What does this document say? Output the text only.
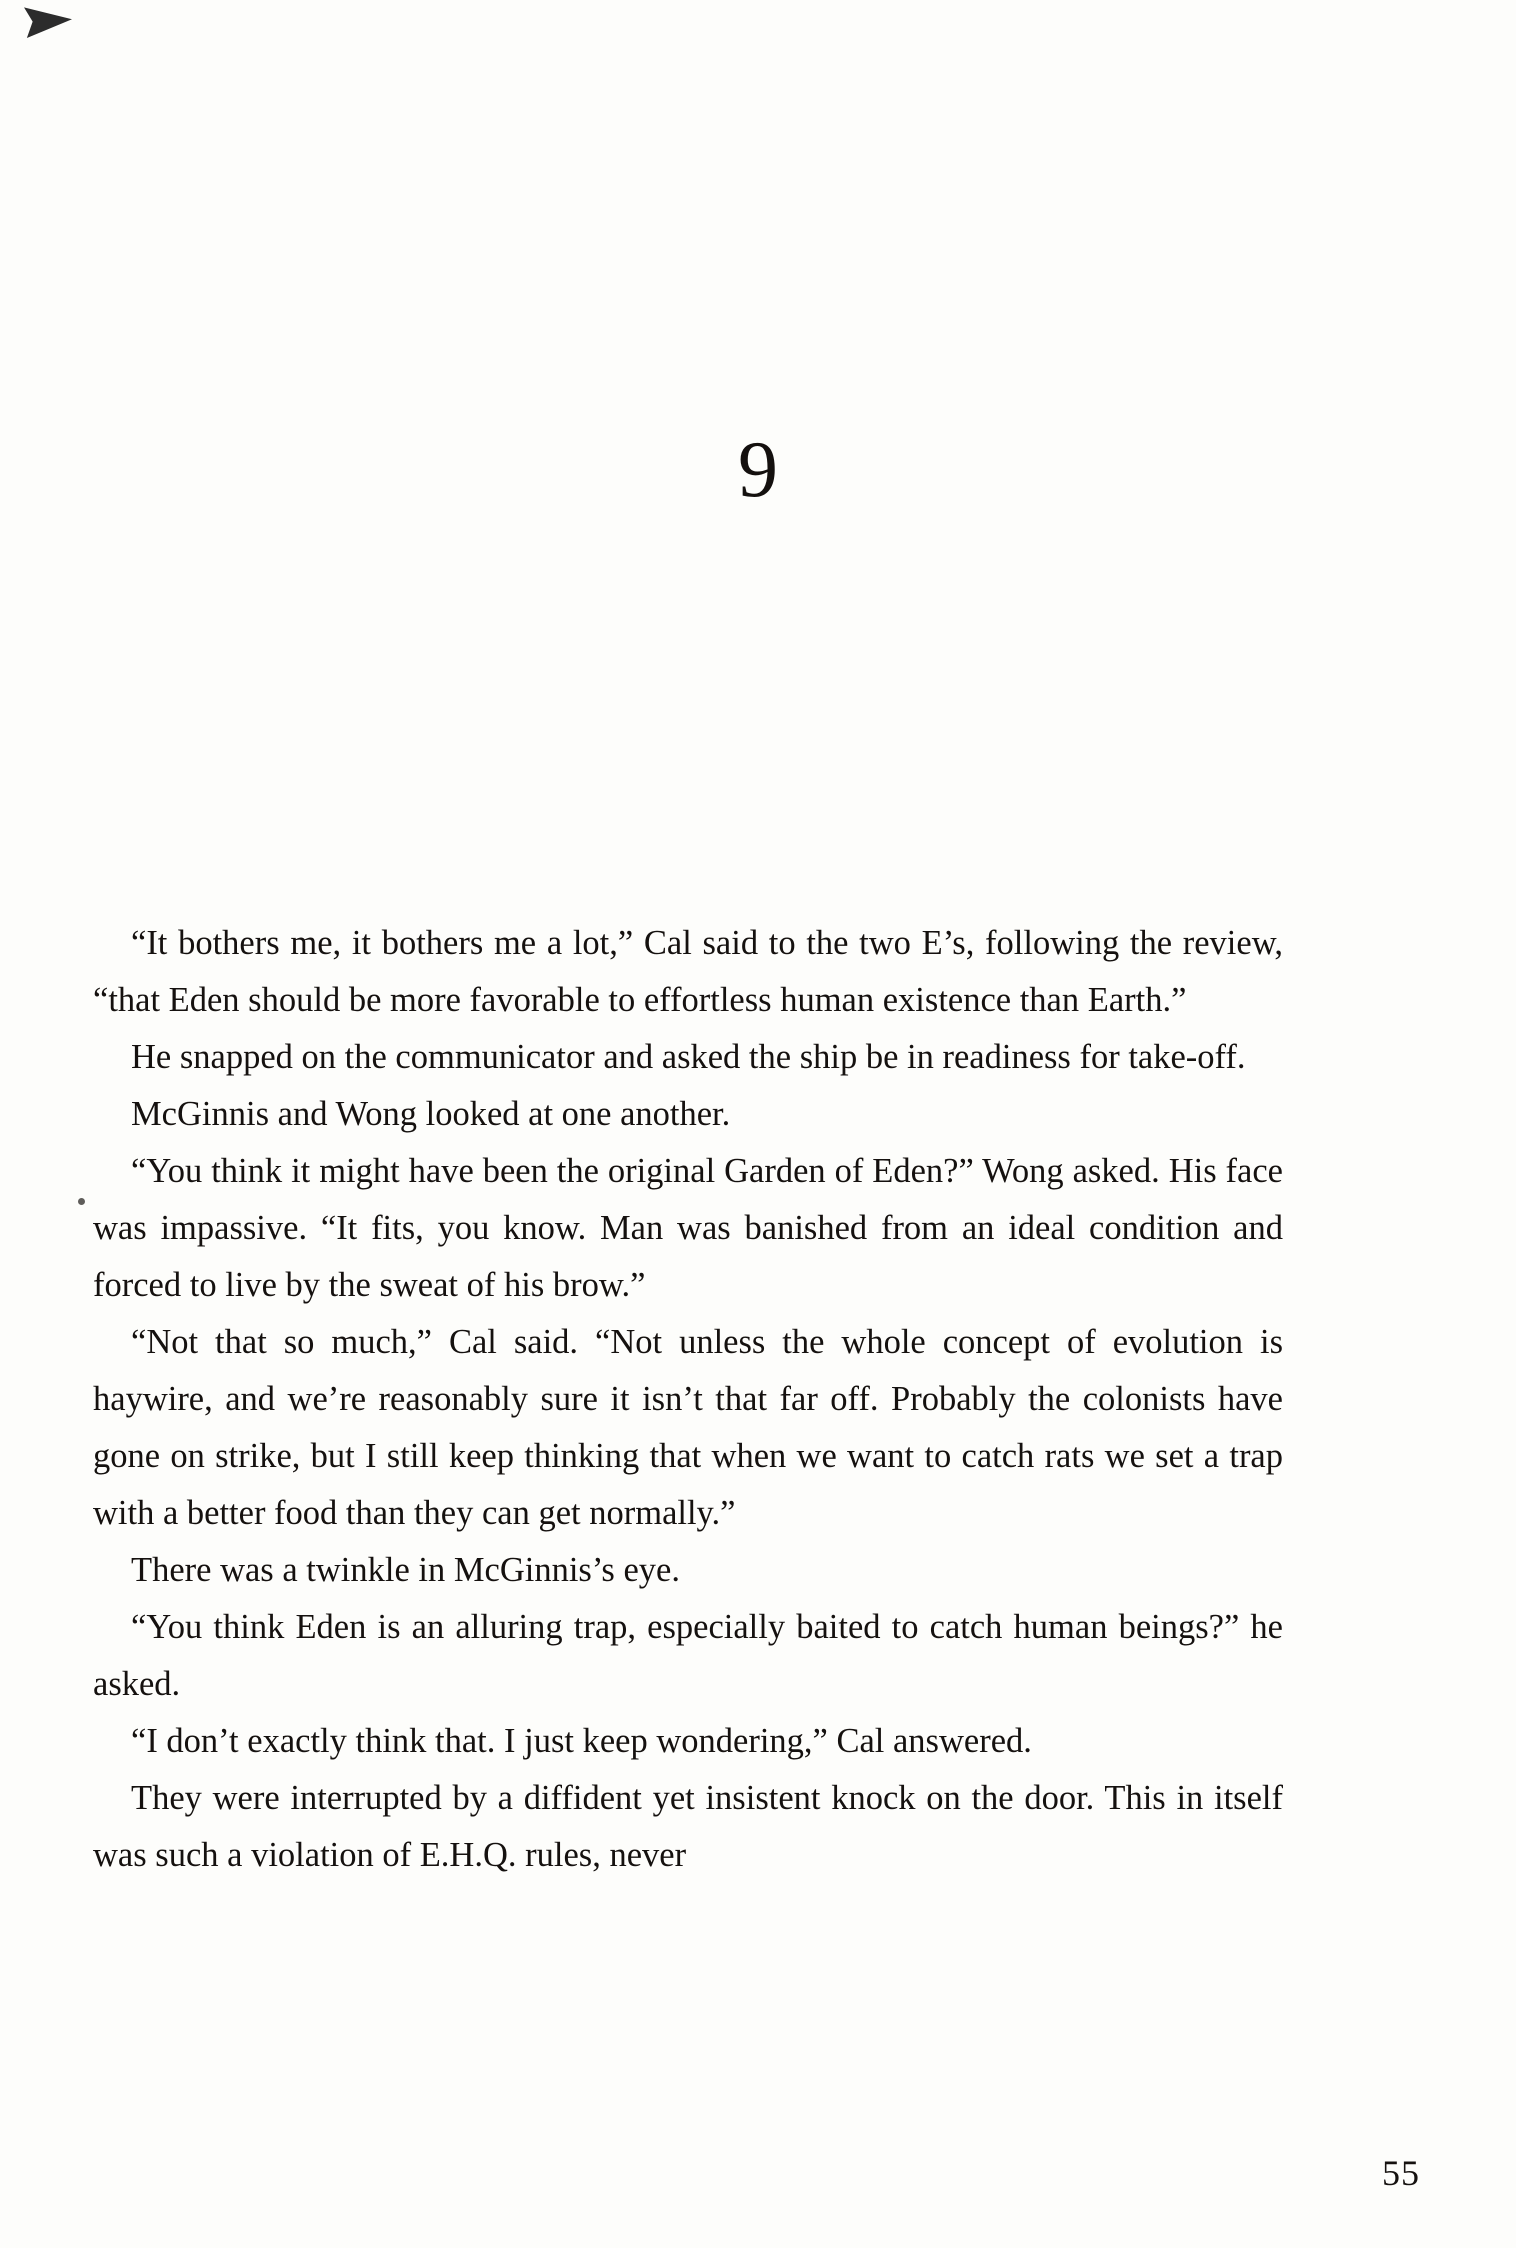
9

“It bothers me, it bothers me a lot,” Cal said to the two E’s, following the review, “that Eden should be more favorable to effortless human existence than Earth.”

He snapped on the communicator and asked the ship be in readiness for take-off.

McGinnis and Wong looked at one another.

“You think it might have been the original Garden of Eden?” Wong asked. His face was impassive. “It fits, you know. Man was banished from an ideal condition and forced to live by the sweat of his brow.”

“Not that so much,” Cal said. “Not unless the whole concept of evolution is haywire, and we’re reasonably sure it isn’t that far off. Probably the colonists have gone on strike, but I still keep thinking that when we want to catch rats we set a trap with a better food than they can get normally.”

There was a twinkle in McGinnis’s eye.

“You think Eden is an alluring trap, especially baited to catch human beings?” he asked.

“I don’t exactly think that. I just keep wondering,” Cal answered.

They were interrupted by a diffident yet insistent knock on the door. This in itself was such a violation of E.H.Q. rules, never

55
